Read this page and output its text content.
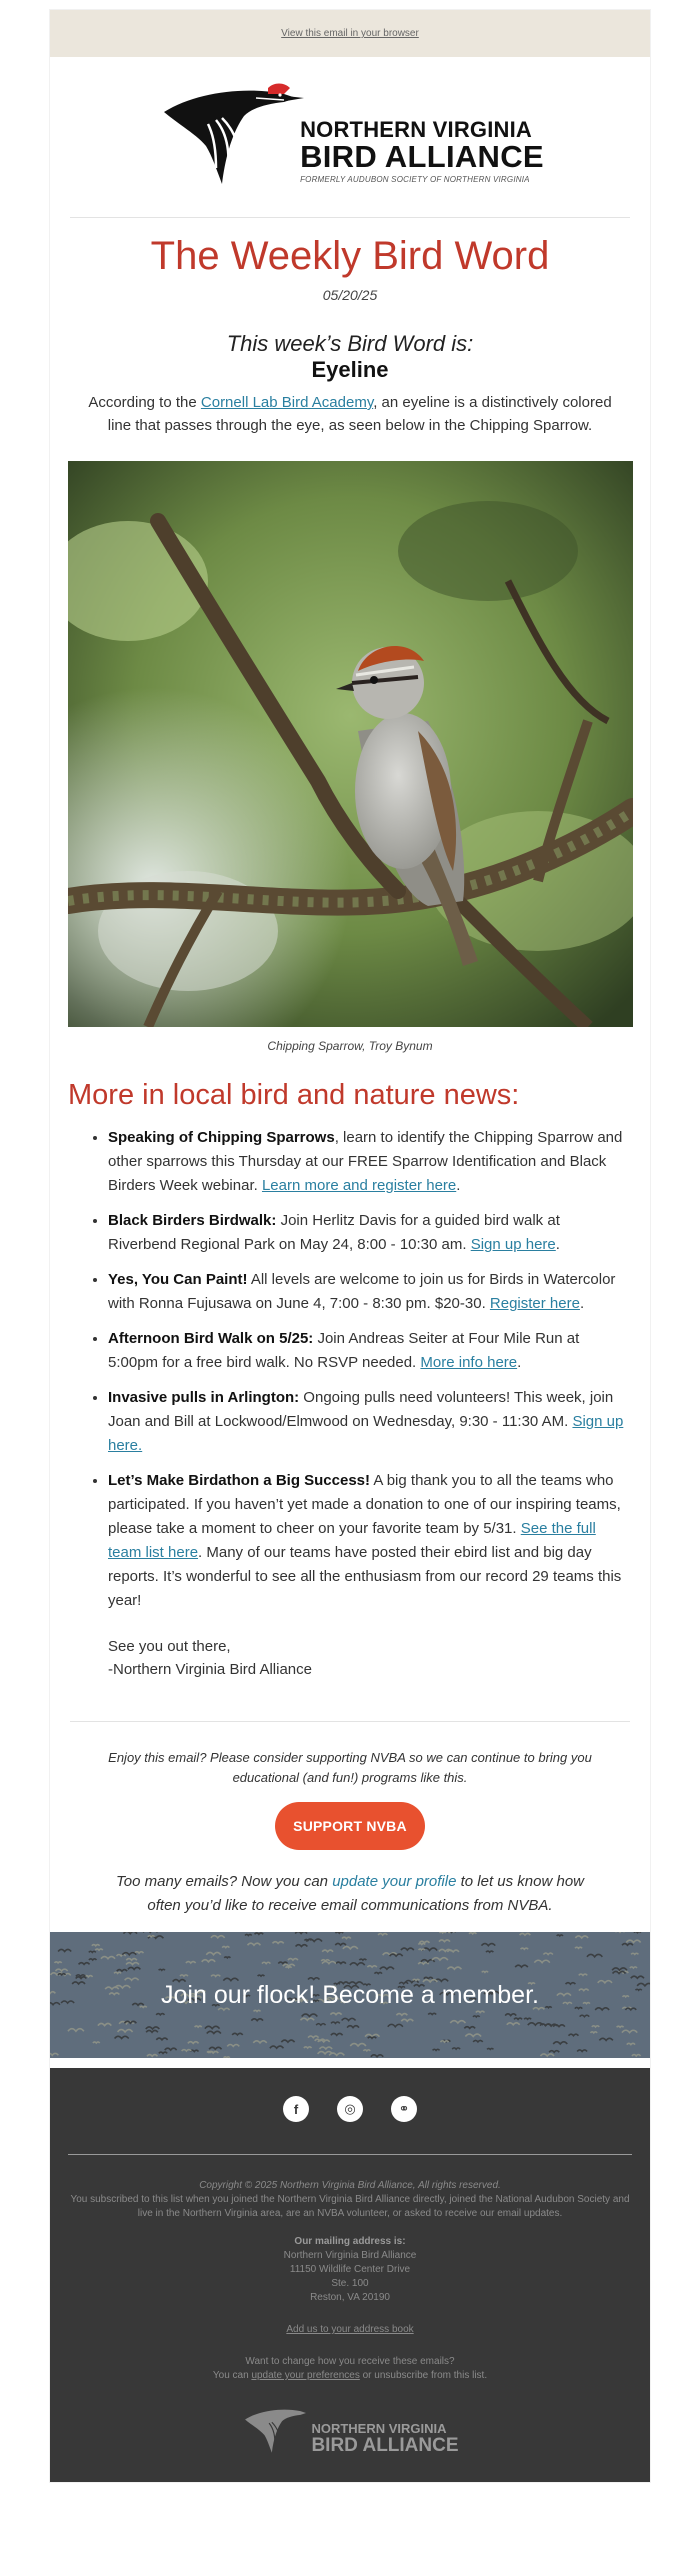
View this email in your browser
NORTHERN VIRGINIA
BIRD ALLIANCE
FORMERLY AUDUBON SOCIETY OF NORTHERN VIRGINIA
The Weekly Bird Word
05/20/25

This week’s Bird Word is:

Eyeline

According to the Cornell Lab Bird Academy, an eyeline is a distinctively colored line that passes through the eye, as seen below in the Chipping Sparrow.

Chipping Sparrow, Troy Bynum
More in local bird and nature news:
• Speaking of Chipping Sparrows, learn to identify the Chipping Sparrow and other sparrows this Thursday at our FREE Sparrow Identification and Black Birders Week webinar. Learn more and register here.
• Black Birders Birdwalk: Join Herlitz Davis for a guided bird walk at Riverbend Regional Park on May 24, 8:00 - 10:30 am. Sign up here.
• Yes, You Can Paint! All levels are welcome to join us for Birds in Watercolor with Ronna Fujusawa on June 4, 7:00 - 8:30 pm. $20-30. Register here.
• Afternoon Bird Walk on 5/25: Join Andreas Seiter at Four Mile Run at 5:00pm for a free bird walk. No RSVP needed. More info here.
• Invasive pulls in Arlington: Ongoing pulls need volunteers! This week, join Joan and Bill at Lockwood/Elmwood on Wednesday, 9:30 - 11:30 AM. Sign up here.
• Let’s Make Birdathon a Big Success! A big thank you to all the teams who participated. If you haven’t yet made a donation to one of our inspiring teams, please take a moment to cheer on your favorite team by 5/31. See the full team list here. Many of our teams have posted their ebird list and big day reports. It’s wonderful to see all the enthusiasm from our record 29 teams this year!
See you out there,
-Northern Virginia Bird Alliance
Enjoy this email? Please consider supporting NVBA so we can continue to bring you educational (and fun!) programs like this.
SUPPORT NVBA
Too many emails? Now you can update your profile to let us know how often you’d like to receive email communications from NVBA.
Join our flock! Become a member.
f	◎	⚭
Copyright © 2025 Northern Virginia Bird Alliance, All rights reserved.
You subscribed to this list when you joined the Northern Virginia Bird Alliance directly, joined the National Audubon Society and live in the Northern Virginia area, are an NVBA volunteer, or asked to receive our email updates.
Our mailing address is:
Northern Virginia Bird Alliance
11150 Wildlife Center Drive
Ste. 100
Reston, VA 20190
Add us to your address book
Want to change how you receive these emails?
You can update your preferences or unsubscribe from this list.
NORTHERN VIRGINIA
BIRD ALLIANCE
